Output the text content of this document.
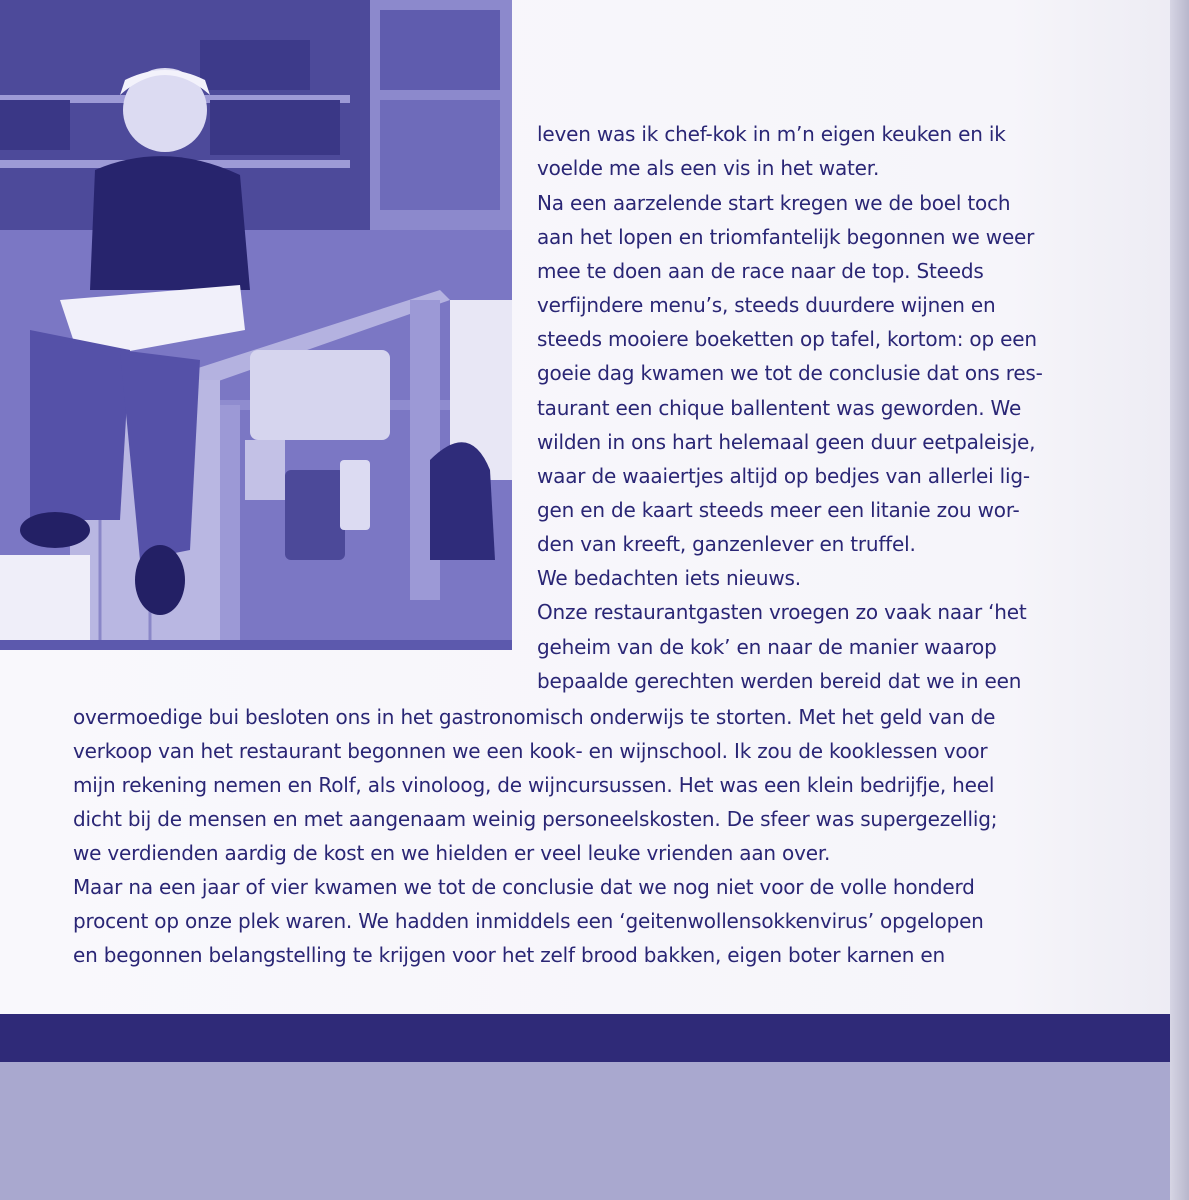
leven was ik chef-kok in m’n eigen keuken en ik

voelde me als een vis in het water.

Na een aarzelende start kregen we de boel toch

aan het lopen en triomfantelijk begonnen we weer

mee te doen aan de race naar de top. Steeds

verfijndere menu’s, steeds duurdere wijnen en

steeds mooiere boeketten op tafel, kortom: op een

goeie dag kwamen we tot de conclusie dat ons res-

taurant een chique ballentent was geworden. We

wilden in ons hart helemaal geen duur eetpaleisje,

waar de waaiertjes altijd op bedjes van allerlei lig-

gen en de kaart steeds meer een litanie zou wor-

den van kreeft, ganzenlever en truffel.

We bedachten iets nieuws.

Onze restaurantgasten vroegen zo vaak naar ‘het

geheim van de kok’ en naar de manier waarop

bepaalde gerechten werden bereid dat we in een

overmoedige bui besloten ons in het gastronomisch onderwijs te storten. Met het geld van de

verkoop van het restaurant begonnen we een kook- en wijnschool. Ik zou de kooklessen voor

mijn rekening nemen en Rolf, als vinoloog, de wijncursussen. Het was een klein bedrijfje, heel

dicht bij de mensen en met aangenaam weinig personeelskosten. De sfeer was supergezellig;

we verdienden aardig de kost en we hielden er veel leuke vrienden aan over.

Maar na een jaar of vier kwamen we tot de conclusie dat we nog niet voor de volle honderd

procent op onze plek waren. We hadden inmiddels een ‘geitenwollensokkenvirus’ opgelopen

en begonnen belangstelling te krijgen voor het zelf brood bakken, eigen boter karnen en
